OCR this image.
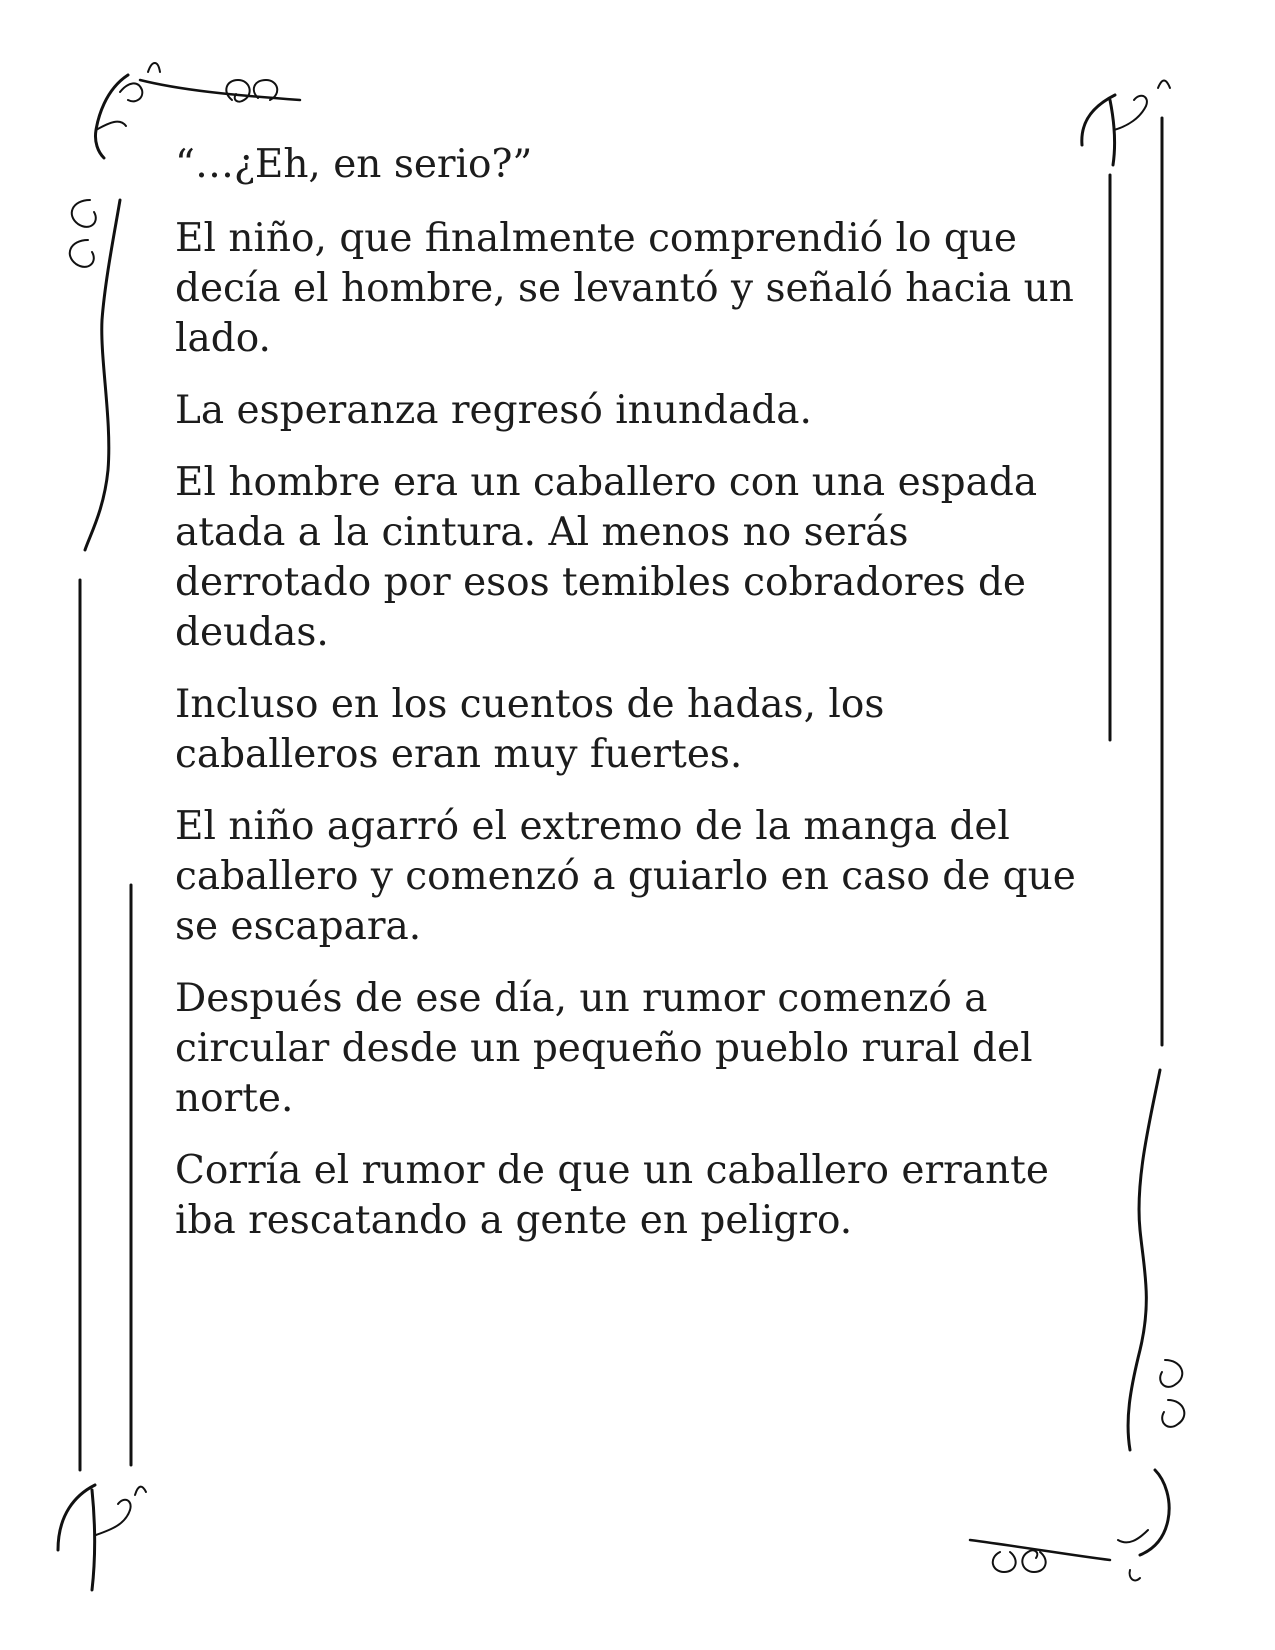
“…¿Eh, en serio?”

El niño, que finalmente comprendió lo que decía el hombre, se levantó y señaló hacia un lado.

La esperanza regresó inundada.

El hombre era un caballero con una espada atada a la cintura. Al menos no serás derrotado por esos temibles cobradores de deudas.

Incluso en los cuentos de hadas, los caballeros eran muy fuertes.

El niño agarró el extremo de la manga del caballero y comenzó a guiarlo en caso de que se escapara.

Después de ese día, un rumor comenzó a circular desde un pequeño pueblo rural del norte.

Corría el rumor de que un caballero errante iba rescatando a gente en peligro.
